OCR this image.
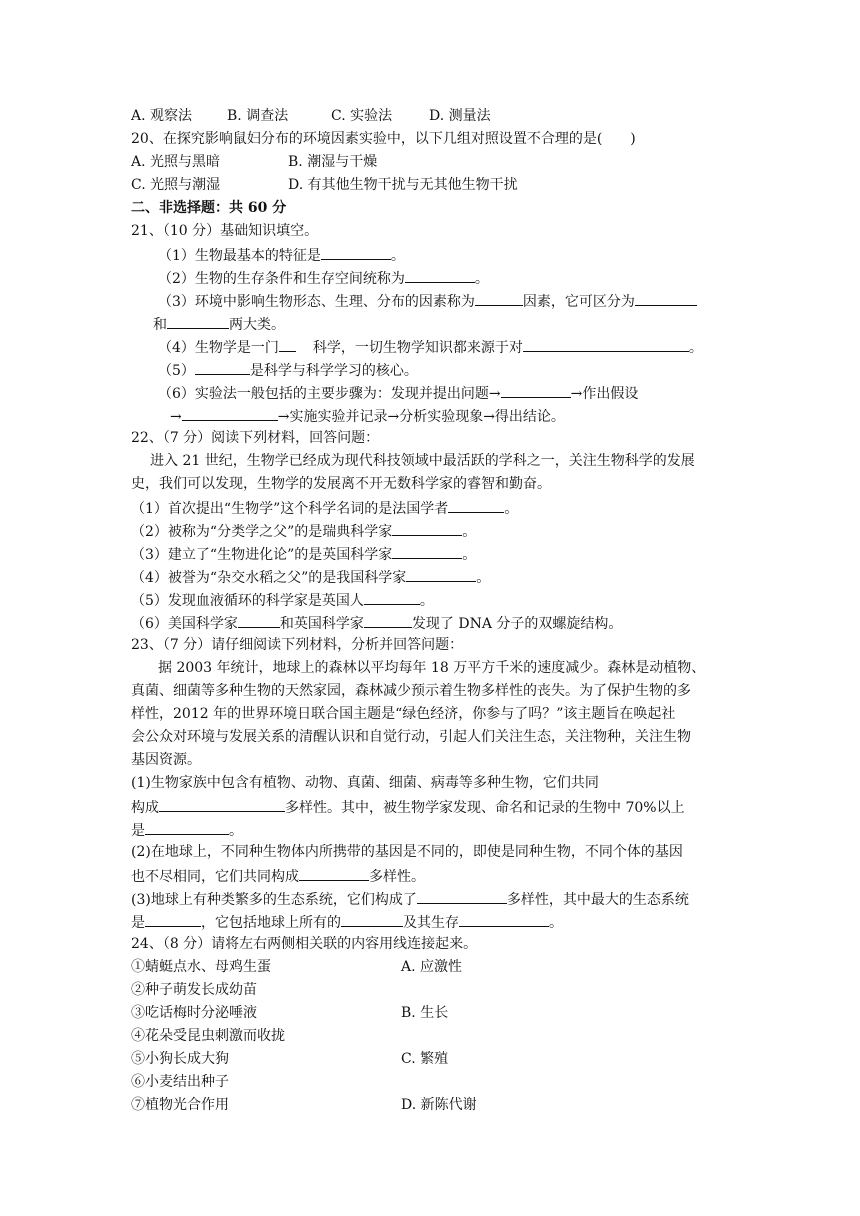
A. 观察法 B. 调查法	C. 实验法	D. 测量法
20、在探究影响鼠妇分布的环境因素实验中，以下几组对照设置不合理的是(　　)
A. 光照与黑暗	B. 潮湿与干燥
C. 光照与潮湿	D. 有其他生物干扰与无其他生物干扰
二、非选择题：共 60 分
21、（10 分）基础知识填空。
（1）生物最基本的特征是	。
（2）生物的生存条件和生存空间统称为	。
（3）环境中影响生物形态、生理、分布的因素称为	因素，它可区分为
和	两大类。
（4）生物学是一门 科学，一切生物学知识都来源于对	。
（5）	是科学与科学学习的核心。
（6）实验法一般包括的主要步骤为：发现并提出问题→	→作出假设
→	→实施实验并记录→分析实验现象→得出结论。
22、（7 分）阅读下列材料，回答问题：
进入 21 世纪，生物学已经成为现代科技领域中最活跃的学科之一，关注生物科学的发展
史，我们可以发现，生物学的发展离不开无数科学家的睿智和勤奋。
（1）首次提出“生物学”这个科学名词的是法国学者	。
（2）被称为“分类学之父”的是瑞典科学家	。
（3）建立了“生物进化论”的是英国科学家	。
（4）被誉为“杂交水稻之父”的是我国科学家	。
（5）发现血液循环的科学家是英国人	。
（6）美国科学家	和英国科学家	发现了 DNA 分子的双螺旋结构。
23、（7 分）请仔细阅读下列材料，分析并回答问题：
据 2003 年统计，地球上的森林以平均每年 18 万平方千米的速度减少。森林是动植物、
真菌、细菌等多种生物的天然家园，森林减少预示着生物多样性的丧失。为了保护生物的多
样性，2012 年的世界环境日联合国主题是“绿色经济，你参与了吗？”该主题旨在唤起社
会公众对环境与发展关系的清醒认识和自觉行动，引起人们关注生态，关注物种，关注生物
基因资源。
(1)生物家族中包含有植物、动物、真菌、细菌、病毒等多种生物，它们共同
构成	多样性。其中，被生物学家发现、命名和记录的生物中 70%以上
是	。
(2)在地球上，不同种生物体内所携带的基因是不同的，即使是同种生物，不同个体的基因
也不尽相同，它们共同构成	多样性。
(3)地球上有种类繁多的生态系统，它们构成了	多样性，其中最大的生态系统
是	，它包括地球上所有的	及其生存	。
24、（8 分）请将左右两侧相关联的内容用线连接起来。
①蜻蜓点水、母鸡生蛋	A. 应激性
②种子萌发长成幼苗
③吃话梅时分泌唾液	B. 生长
④花朵受昆虫刺激而收拢
⑤小狗长成大狗	C. 繁殖
⑥小麦结出种子
⑦植物光合作用	D. 新陈代谢
